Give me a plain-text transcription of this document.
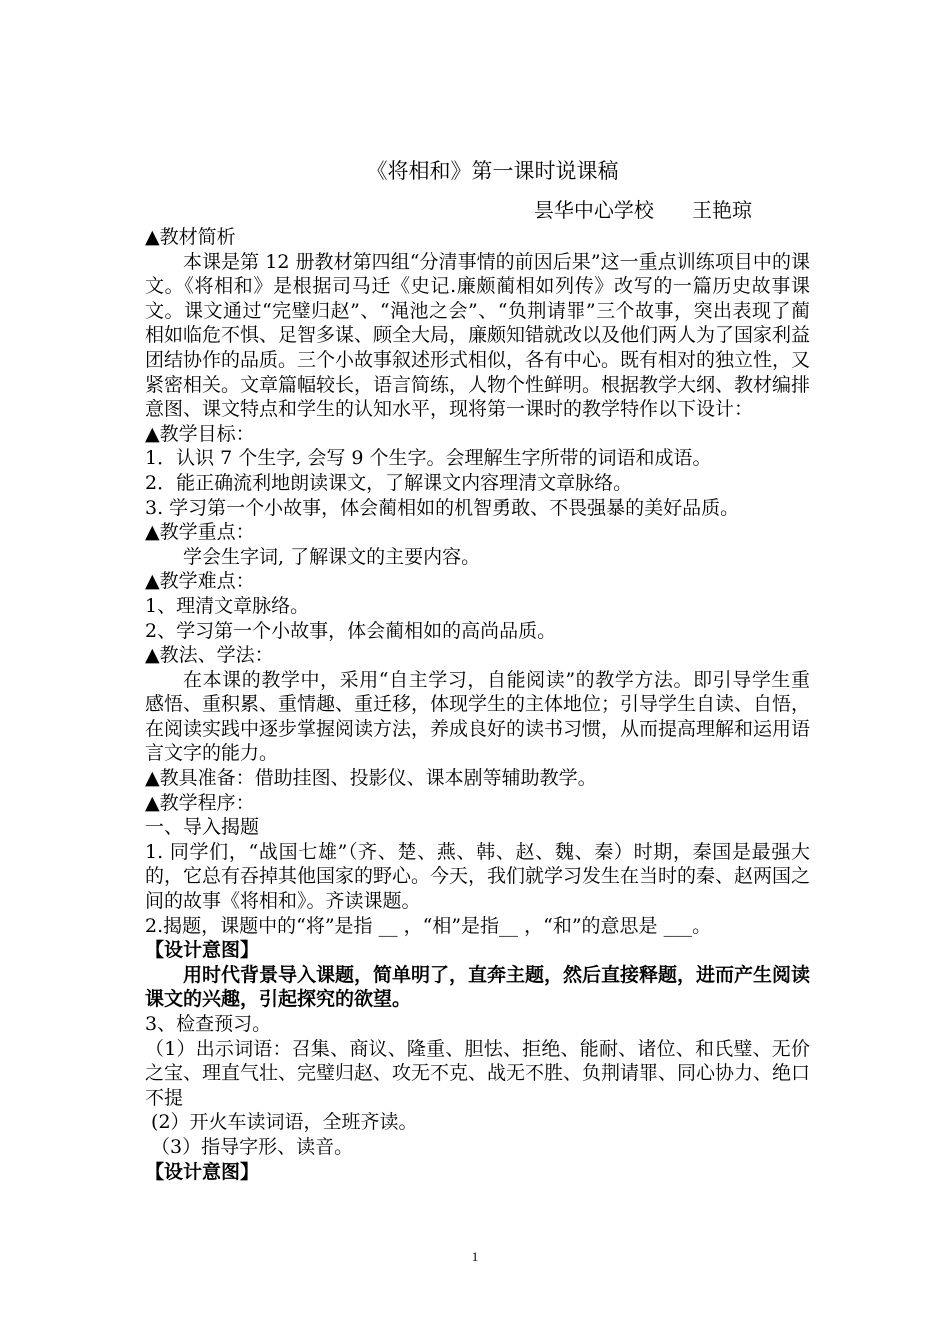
《将相和》第一课时说课稿
昙华中心学校      王艳琼
▲教材简析
本课是第 12 册教材第四组“分清事情的前因后果”这一重点训练项目中的课文。《将相和》是根据司马迁《史记.廉颇蔺相如列传》改写的一篇历史故事课文。课文通过“完璧归赵”、“渑池之会”、“负荆请罪”三个故事，突出表现了蔺相如临危不惧、足智多谋、顾全大局，廉颇知错就改以及他们两人为了国家利益团结协作的品质。三个小故事叙述形式相似，各有中心。既有相对的独立性，又紧密相关。文章篇幅较长，语言简练，人物个性鲜明。根据教学大纲、教材编排意图、课文特点和学生的认知水平，现将第一课时的教学特作以下设计：
▲教学目标：
1．认识 7 个生字, 会写 9 个生字。会理解生字所带的词语和成语。
2．能正确流利地朗读课文，了解课文内容理清文章脉络。
3. 学习第一个小故事，体会蔺相如的机智勇敢、不畏强暴的美好品质。
▲教学重点：
学会生字词, 了解课文的主要内容。
▲教学难点：
1、理清文章脉络。
2、学习第一个小故事，体会蔺相如的高尚品质。
▲教法、学法：
在本课的教学中，采用“自主学习，自能阅读”的教学方法。即引导学生重感悟、重积累、重情趣、重迁移，体现学生的主体地位；引导学生自读、自悟，在阅读实践中逐步掌握阅读方法，养成良好的读书习惯，从而提高理解和运用语言文字的能力。
▲教具准备：借助挂图、投影仪、课本剧等辅助教学。
▲教学程序：
一、导入揭题
1. 同学们，“战国七雄”（齐、楚、燕、韩、赵、魏、秦）时期，秦国是最强大的，它总有吞掉其他国家的野心。今天，我们就学习发生在当时的秦、赵两国之间的故事《将相和》。齐读课题。
2.揭题，课题中的“将”是指 __ ，“相”是指__ ，“和”的意思是 ___。
【设计意图】
用时代背景导入课题，简单明了，直奔主题，然后直接释题，进而产生阅读课文的兴趣，引起探究的欲望。
3、检查预习。
（1）出示词语：召集、商议、隆重、胆怯、拒绝、能耐、诸位、和氏璧、无价之宝、理直气壮、完璧归赵、攻无不克、战无不胜、负荆请罪、同心协力、绝口不提
(2）开火车读词语，全班齐读。
（3）指导字形、读音。
【设计意图】
1
